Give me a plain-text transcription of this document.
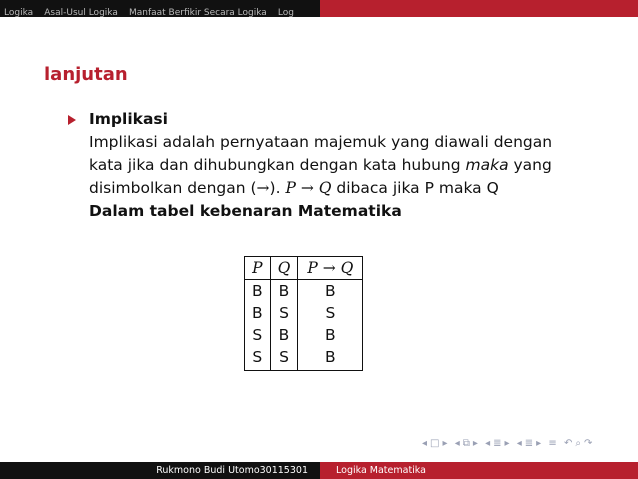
Logika Asal-Usul Logika Manfaat Berfikir Secara Logika Log
lanjutan
Implikasi
Implikasi adalah pernyataan majemuk yang diawali dengan
kata jika dan dihubungkan dengan kata hubung maka yang
disimbolkan dengan (→). P → Q dibaca jika P maka Q
Dalam tabel kebenaran Matematika
P	Q	P → Q
B	B	B
B	S	S
S	B	B
S	S	B
◂ □ ▸ ◂ ⧉ ▸ ◂ ≣ ▸ ◂ ≣ ▸ ≡ ↶ ⌕ ↷
Rukmono Budi Utomo30115301	Logika Matematika
